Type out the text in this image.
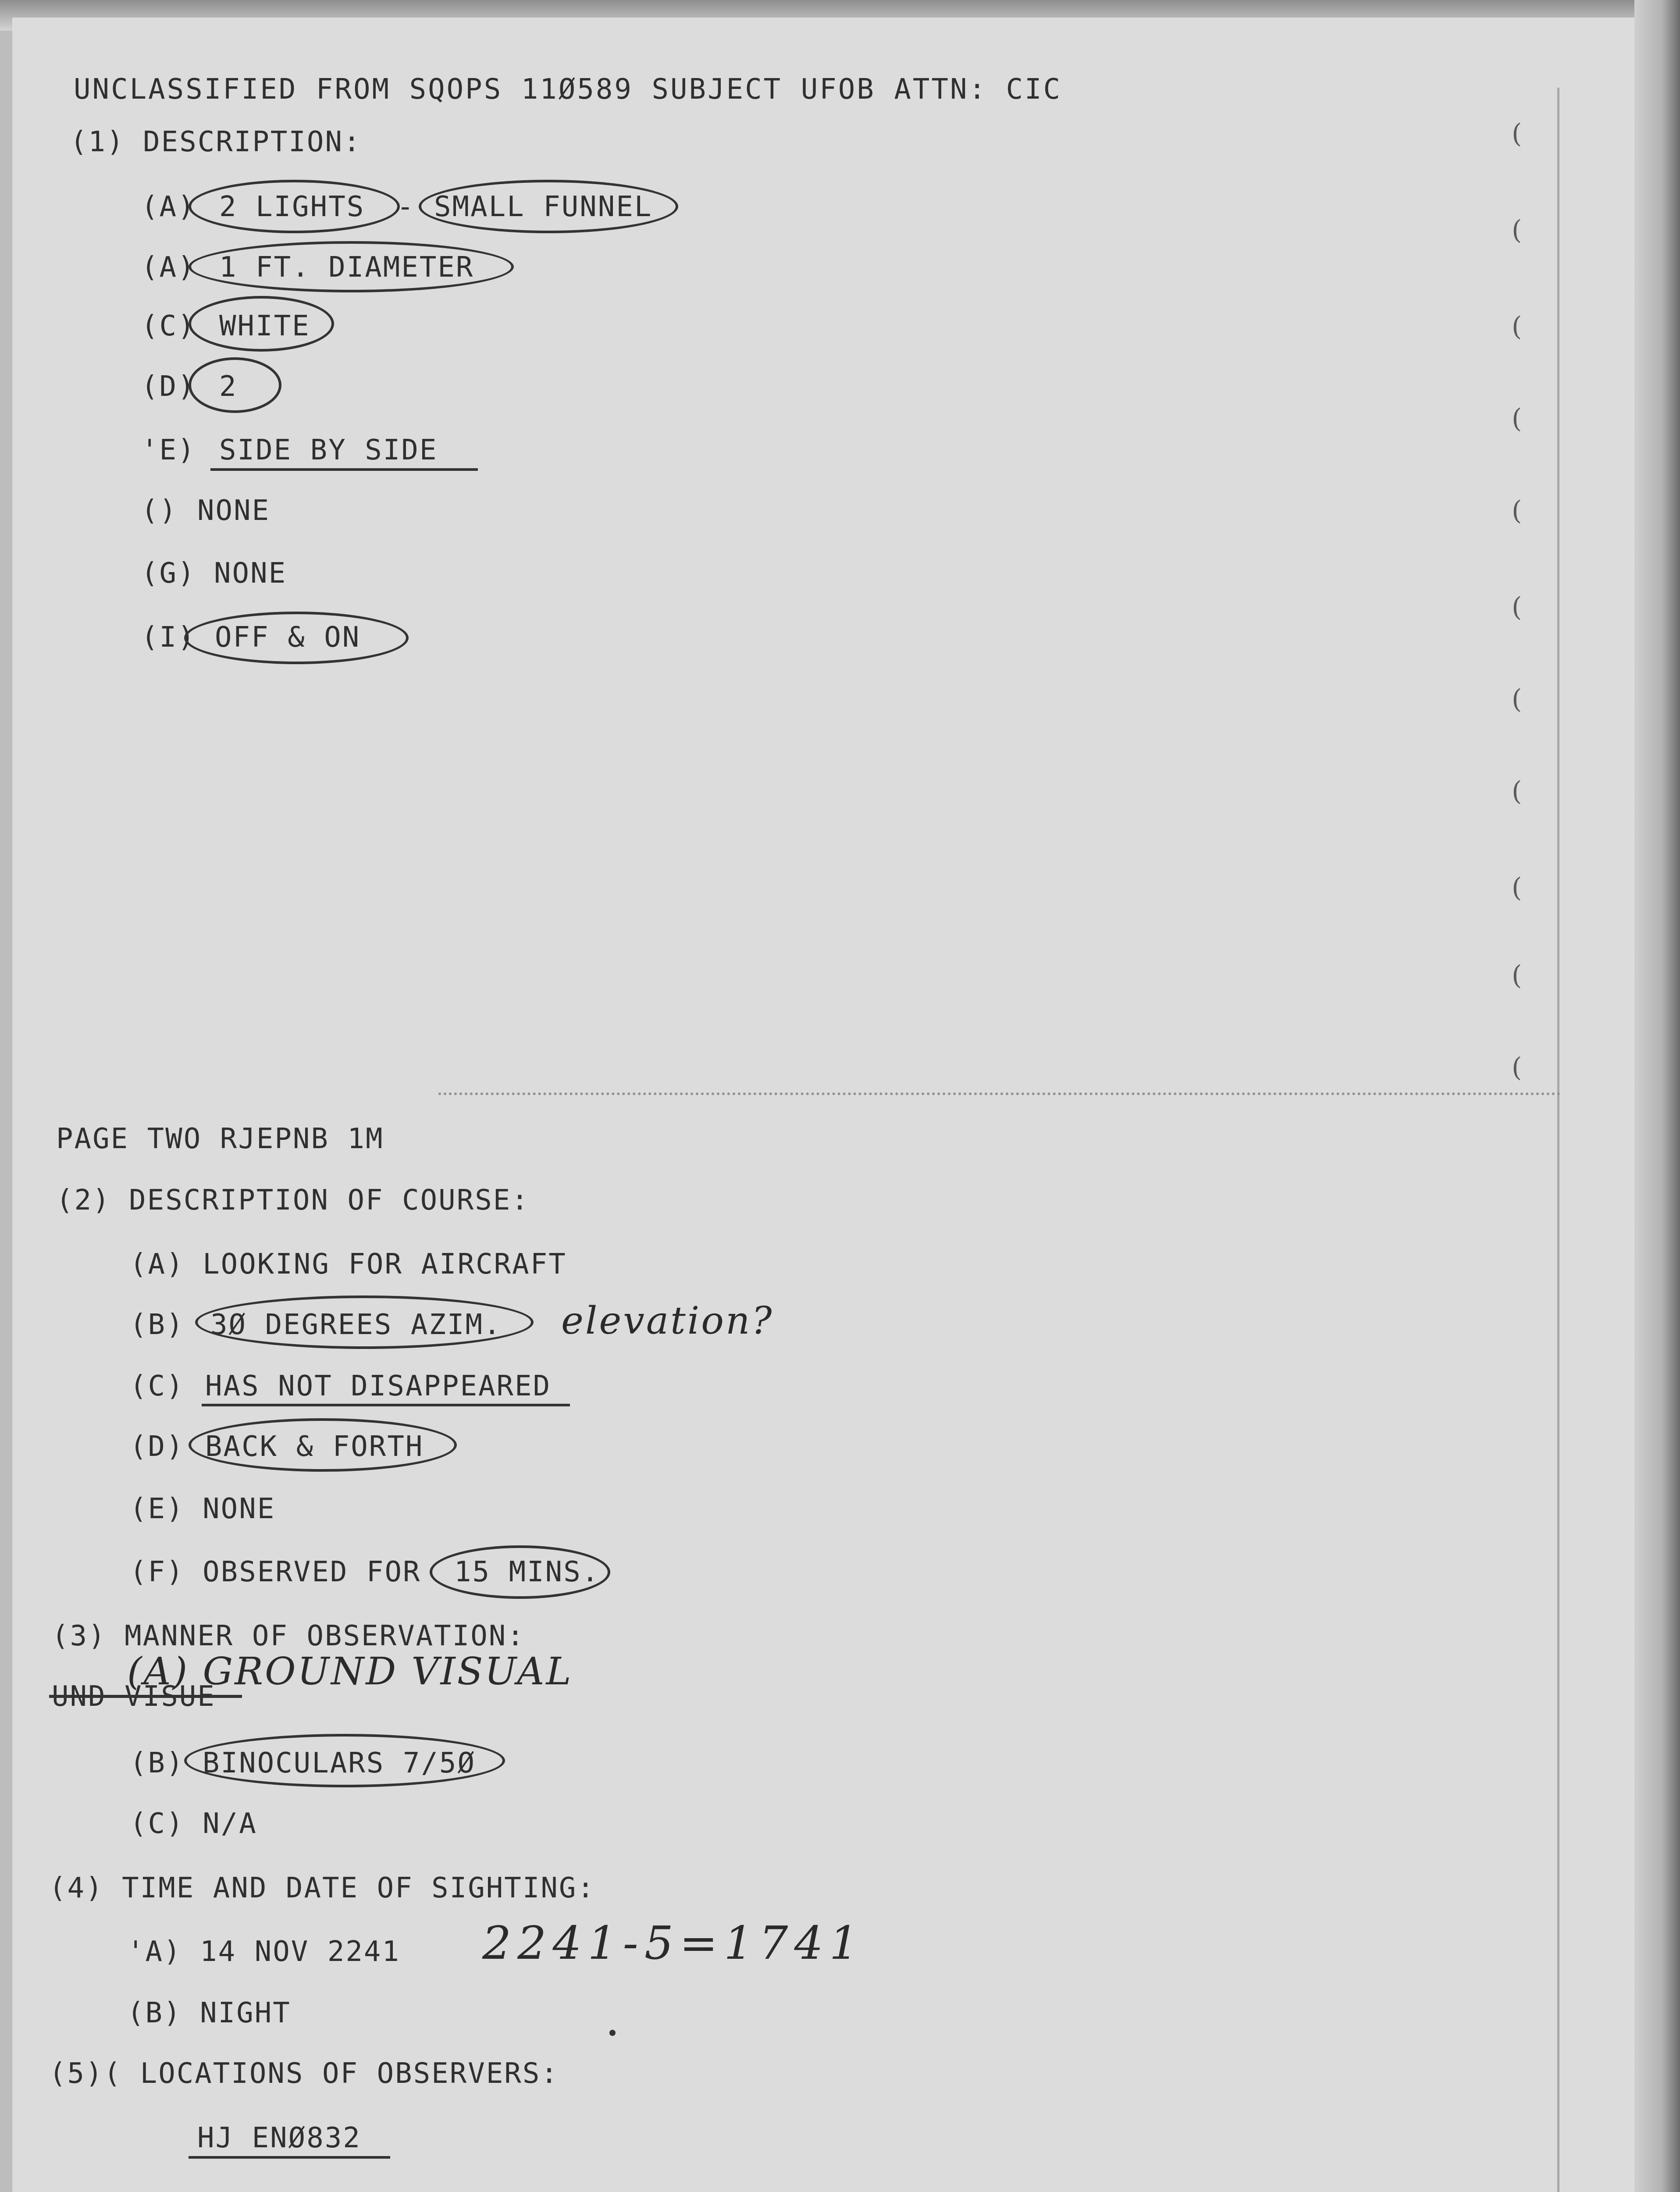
(
(
(
(
(
(
(
(
(
(
(
UNCLASSIFIED FROM SQOPS 11Ø589 SUBJECT UFOB ATTN: CIC
(1) DESCRIPTION:
(A) 2 LIGHTS - SMALL FUNNEL
(A) 1 FT. DIAMETER
(C) WHITE
(D) 2
'E) SIDE BY SIDE
() NONE
(G) NONE
(I) OFF & ON
PAGE TWO RJEPNB 1M
(2) DESCRIPTION OF COURSE:
(A) LOOKING FOR AIRCRAFT
(B) 3Ø DEGREES AZIM. elevation?
(C) HAS NOT DISAPPEARED
(D) BACK & FORTH
(E) NONE
(F) OBSERVED FOR 15 MINS.
(3) MANNER OF OBSERVATION:
(A) GROUND VISUAL
UND VISUE
(B) BINOCULARS 7/5Ø
(C) N/A
(4) TIME AND DATE OF SIGHTING:
'A) 14 NOV 2241 2241-5=1741
(B) NIGHT
(5)( LOCATIONS OF OBSERVERS:
HJ ENØ832
